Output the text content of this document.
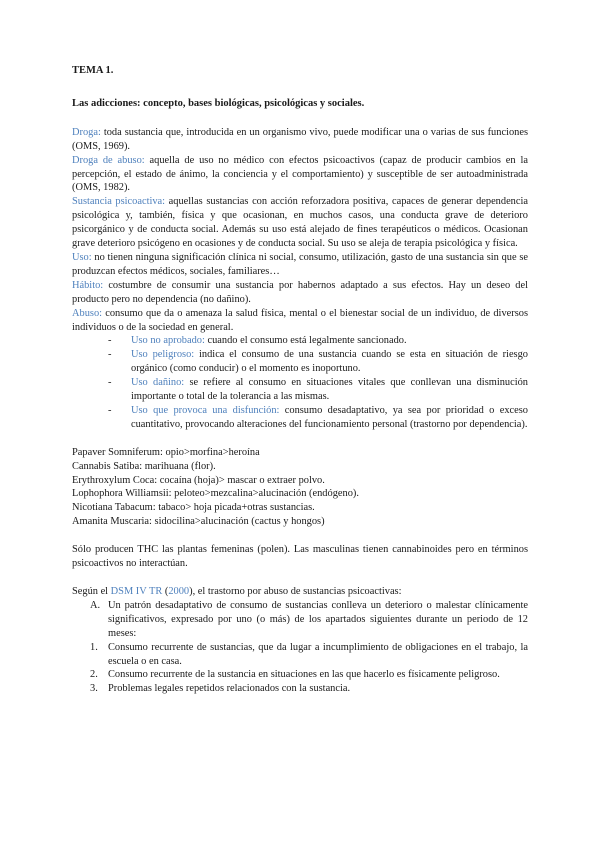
TEMA 1.
Las adicciones: concepto, bases biológicas, psicológicas y sociales.

Droga: toda sustancia que, introducida en un organismo vivo, puede modificar una o varias de sus funciones (OMS, 1969).

Droga de abuso: aquella de uso no médico con efectos psicoactivos (capaz de producir cambios en la percepción, el estado de ánimo, la conciencia y el comportamiento) y susceptible de ser autoadministrada (OMS, 1982).

Sustancia psicoactiva: aquellas sustancias con acción reforzadora positiva, capaces de generar dependencia psicológica y, también, física y que ocasionan, en muchos casos, una conducta grave de deterioro psicorgánico y de conducta social. Además su uso está alejado de fines terapéuticos o médicos. Ocasionan grave deterioro psicógeno en ocasiones y de conducta social. Su uso se aleja de terapia psicológica y física.

Uso: no tienen ninguna significación clínica ni social, consumo, utilización, gasto de una sustancia sin que se produzcan efectos médicos, sociales, familiares…

Hábito: costumbre de consumir una sustancia por habernos adaptado a sus efectos. Hay un deseo del producto pero no dependencia (no dañino).

Abuso: consumo que da o amenaza la salud física, mental o el bienestar social de un individuo, de diversos individuos o de la sociedad en general.

- Uso no aprobado: cuando el consumo está legalmente sancionado.
- Uso peligroso: indica el consumo de una sustancia cuando se esta en situación de riesgo orgánico (como conducir) o el momento es inoportuno.
- Uso dañino: se refiere al consumo en situaciones vitales que conllevan una disminución importante o total de la tolerancia a las mismas.
- Uso que provoca una disfunción: consumo desadaptativo, ya sea por prioridad o exceso cuantitativo, provocando alteraciones del funcionamiento personal (trastorno por dependencia).

Papaver Somniferum: opio>morfina>heroína

Cannabis Satiba: marihuana (flor).

Erythroxylum Coca: cocaína (hoja)> mascar o extraer polvo.

Lophophora Williamsii: peloteo>mezcalina>alucinación (endógeno).

Nicotiana Tabacum: tabaco> hoja picada+otras sustancias.

Amanita Muscaria: sidocilina>alucinación (cactus y hongos)

Sólo producen THC las plantas femeninas (polen). Las masculinas tienen cannabinoides pero en términos psicoactivos no interactúan.

Según el DSM IV TR (2000), el trastorno por abuso de sustancias psicoactivas:

A. Un patrón desadaptativo de consumo de sustancias conlleva un deterioro o malestar clínicamente significativos, expresado por uno (o más) de los apartados siguientes durante un periodo de 12 meses:
1. Consumo recurrente de sustancias, que da lugar a incumplimiento de obligaciones en el trabajo, la escuela o en casa.
2. Consumo recurrente de la sustancia en situaciones en las que hacerlo es físicamente peligroso.
3. Problemas legales repetidos relacionados con la sustancia.
